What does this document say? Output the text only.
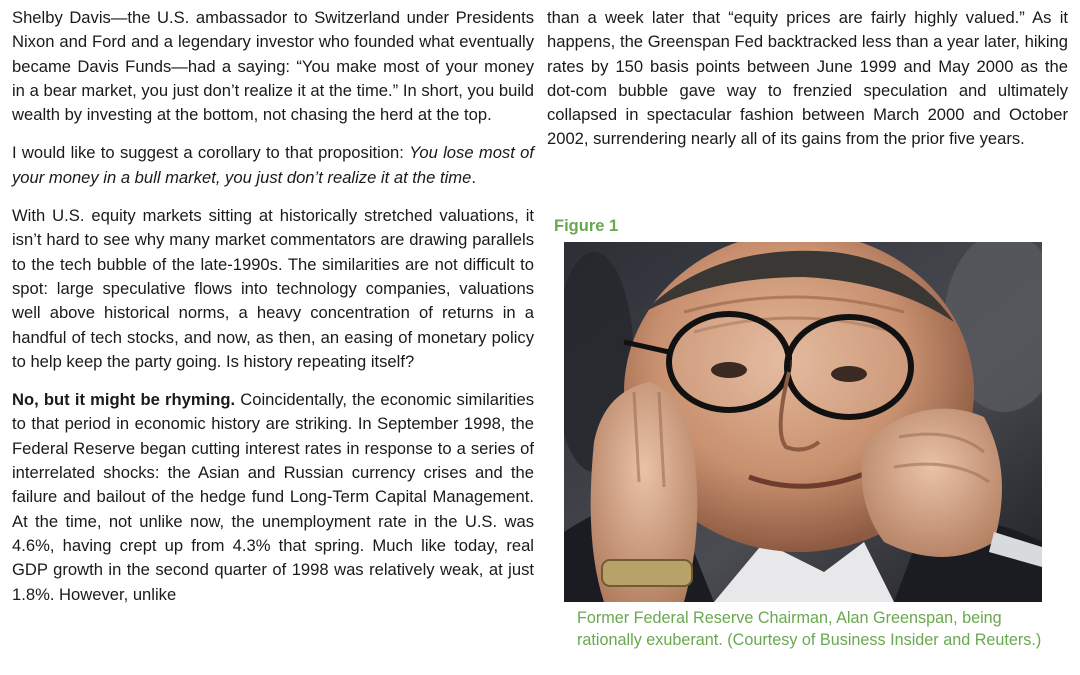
Shelby Davis—the U.S. ambassador to Switzerland under Presidents Nixon and Ford and a legendary investor who founded what eventually became Davis Funds—had a saying: “You make most of your money in a bear market, you just don’t realize it at the time.” In short, you build wealth by investing at the bottom, not chasing the herd at the top.

I would like to suggest a corollary to that proposition: You lose most of your money in a bull market, you just don’t realize it at the time.

With U.S. equity markets sitting at historically stretched valuations, it isn’t hard to see why many market commentators are drawing parallels to the tech bubble of the late-1990s. The similarities are not difficult to spot: large speculative flows into technology companies, valuations well above historical norms, a heavy concentration of returns in a handful of tech stocks, and now, as then, an easing of monetary policy to help keep the party going. Is history repeating itself?

No, but it might be rhyming. Coincidentally, the economic similarities to that period in economic history are striking. In September 1998, the Federal Reserve began cutting interest rates in response to a series of interrelated shocks: the Asian and Russian currency crises and the failure and bailout of the hedge fund Long-Term Capital Management. At the time, not unlike now, the unemployment rate in the U.S. was 4.6%, having crept up from 4.3% that spring. Much like today, real GDP growth in the second quarter of 1998 was relatively weak, at just 1.8%. However, unlike

than a week later that “equity prices are fairly highly valued.” As it happens, the Greenspan Fed backtracked less than a year later, hiking rates by 150 basis points between June 1999 and May 2000 as the dot-com bubble gave way to frenzied speculation and ultimately collapsed in spectacular fashion between March 2000 and October 2002, surrendering nearly all of its gains from the prior five years.

Figure 1
Former Federal Reserve Chairman, Alan Greenspan, being rationally exuberant. (Courtesy of Business Insider and Reuters.)
